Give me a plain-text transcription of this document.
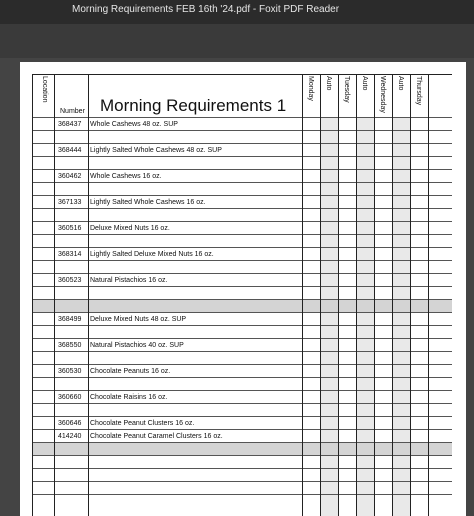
Morning Requirements FEB 16th '24.pdf - Foxit PDF Reader
Location
Number Morning Requirements 1
Monday Auto Tuesday Auto Wednesday Auto Thursday
368437 Whole Cashews 48 oz. SUP
368444 Lightly Salted Whole Cashews 48 oz. SUP
360462 Whole Cashews 16 oz.
367133 Lightly Salted Whole Cashews 16 oz.
360516 Deluxe Mixed Nuts 16 oz.
368314 Lightly Salted Deluxe Mixed Nuts 16 oz.
360523 Natural Pistachios 16 oz.
368499 Deluxe Mixed Nuts 48 oz. SUP
368550 Natural Pistachios 40 oz. SUP
360530 Chocolate Peanuts 16 oz.
360660 Chocolate Raisins 16 oz.
360646 Chocolate Peanut Clusters 16 oz.
414240 Chocolate Peanut Caramel Clusters 16 oz.
